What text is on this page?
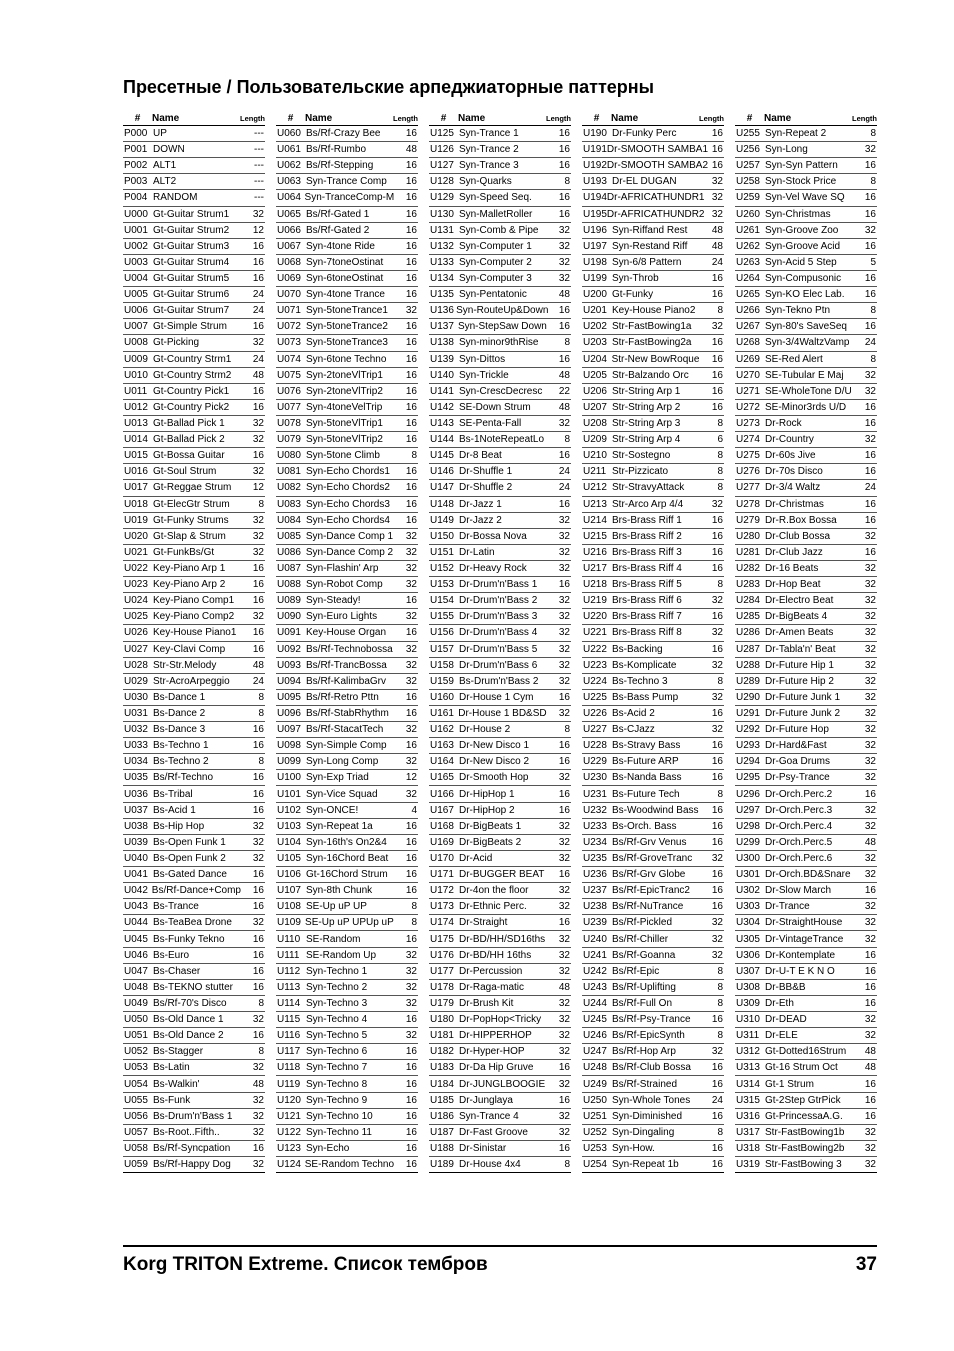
Пресетные / Пользовательские арпеджиаторные паттерны
#	Name	Length
P000 UP	---
P001 DOWN	---
P002 ALT1	---
P003 ALT2	---
P004 RANDOM	---
U000 Gt-Guitar Strum1	32
U001 Gt-Guitar Strum2	12
U002 Gt-Guitar Strum3	16
U003 Gt-Guitar Strum4	16
U004 Gt-Guitar Strum5	16
U005 Gt-Guitar Strum6	24
U006 Gt-Guitar Strum7	24
U007 Gt-Simple Strum	16
U008 Gt-Picking	32
U009 Gt-Country Strm1	24
U010 Gt-Country Strm2	48
U011 Gt-Country Pick1	16
U012 Gt-Country Pick2	16
U013 Gt-Ballad Pick 1	32
U014 Gt-Ballad Pick 2	32
U015 Gt-Bossa Guitar	16
U016 Gt-Soul Strum	32
U017 Gt-Reggae Strum	12
U018 Gt-ElecGtr Strum	8
U019 Gt-Funky Strums	32
U020 Gt-Slap & Strum	32
U021 Gt-FunkBs/Gt	32
U022 Key-Piano Arp 1	16
U023 Key-Piano Arp 2	16
U024 Key-Piano Comp1	16
U025 Key-Piano Comp2	32
U026 Key-House Piano1	16
U027 Key-Clavi Comp	16
U028 Str-Str.Melody	48
U029 Str-AcroArpeggio	24
U030 Bs-Dance 1	8
U031 Bs-Dance 2	8
U032 Bs-Dance 3	16
U033 Bs-Techno 1	16
U034 Bs-Techno 2	8
U035 Bs/Rf-Techno	16
U036 Bs-Tribal	16
U037 Bs-Acid 1	16
U038 Bs-Hip Hop	32
U039 Bs-Open Funk 1	32
U040 Bs-Open Funk 2	32
U041 Bs-Gated Dance	16
U042 Bs/Rf-Dance+Comp	16
U043 Bs-Trance	16
U044 Bs-TeaBea Drone	32
U045 Bs-Funky Tekno	16
U046 Bs-Euro	16
U047 Bs-Chaser	16
U048 Bs-TEKNO stutter	16
U049 Bs/Rf-70's Disco	8
U050 Bs-Old Dance 1	32
U051 Bs-Old Dance 2	16
U052 Bs-Stagger	8
U053 Bs-Latin	32
U054 Bs-Walkin'	48
U055 Bs-Funk	32
U056 Bs-Drum'n'Bass 1	32
U057 Bs-Root..Fifth..	32
U058 Bs/Rf-Syncpation	16
U059 Bs/Rf-Happy Dog	32
#	Name	Length
U060 Bs/Rf-Crazy Bee	16
U061 Bs/Rf-Rumbo	48
U062 Bs/Rf-Stepping	16
U063 Syn-Trance Comp	16
U064 Syn-TranceComp-M	16
U065 Bs/Rf-Gated 1	16
U066 Bs/Rf-Gated 2	16
U067 Syn-4tone Ride	16
U068 Syn-7toneOstinat	16
U069 Syn-6toneOstinat	16
U070 Syn-4tone Trance	16
U071 Syn-5toneTrance1	32
U072 Syn-5toneTrance2	16
U073 Syn-5toneTrance3	16
U074 Syn-6tone Techno	16
U075 Syn-2toneVlTrip1	16
U076 Syn-2toneVlTrip2	16
U077 Syn-4toneVelTrip	16
U078 Syn-5toneVlTrip1	16
U079 Syn-5toneVlTrip2	16
U080 Syn-5tone Climb	8
U081 Syn-Echo Chords1	16
U082 Syn-Echo Chords2	16
U083 Syn-Echo Chords3	16
U084 Syn-Echo Chords4	16
U085 Syn-Dance Comp 1	32
U086 Syn-Dance Comp 2	32
U087 Syn-Flashin' Arp	32
U088 Syn-Robot Comp	32
U089 Syn-Steady!	16
U090 Syn-Euro Lights	32
U091 Key-House Organ	16
U092 Bs/Rf-Technobossa	32
U093 Bs/Rf-TrancBossa	32
U094 Bs/Rf-KalimbaGrv	32
U095 Bs/Rf-Retro Pttn	16
U096 Bs/Rf-StabRhythm	16
U097 Bs/Rf-StacatTech	32
U098 Syn-Simple Comp	16
U099 Syn-Long Comp	32
U100 Syn-Exp Triad	12
U101 Syn-Vice Squad	32
U102 Syn-ONCE!	4
U103 Syn-Repeat 1a	16
U104 Syn-16th's On2&4	16
U105 Syn-16Chord Beat	16
U106 Gt-16Chord Strum	16
U107 Syn-8th Chunk	16
U108 SE-Up uP UP	8
U109 SE-Up uP UPUp uP	8
U110 SE-Random	16
U111 SE-Random Up	32
U112 Syn-Techno 1	32
U113 Syn-Techno 2	32
U114 Syn-Techno 3	32
U115 Syn-Techno 4	16
U116 Syn-Techno 5	32
U117 Syn-Techno 6	16
U118 Syn-Techno 7	16
U119 Syn-Techno 8	16
U120 Syn-Techno 9	16
U121 Syn-Techno 10	16
U122 Syn-Techno 11	16
U123 Syn-Echo	16
U124 SE-Random Techno	16
#	Name	Length
U125 Syn-Trance 1	16
U126 Syn-Trance 2	16
U127 Syn-Trance 3	16
U128 Syn-Quarks	8
U129 Syn-Speed Seq.	16
U130 Syn-MalletRoller	16
U131 Syn-Comb & Pipe	32
U132 Syn-Computer 1	32
U133 Syn-Computer 2	32
U134 Syn-Computer 3	32
U135 Syn-Pentatonic	48
U136 Syn-RouteUp&Down	16
U137 Syn-StepSaw Down	16
U138 Syn-minor9thRise	8
U139 Syn-Dittos	16
U140 Syn-Trickle	48
U141 Syn-CrescDecresc	22
U142 SE-Down Strum	48
U143 SE-Penta-Fall	32
U144 Bs-1NoteRepeatLo	8
U145 Dr-8 Beat	16
U146 Dr-Shuffle 1	24
U147 Dr-Shuffle 2	24
U148 Dr-Jazz 1	16
U149 Dr-Jazz 2	32
U150 Dr-Bossa Nova	32
U151 Dr-Latin	32
U152 Dr-Heavy Rock	32
U153 Dr-Drum'n'Bass 1	16
U154 Dr-Drum'n'Bass 2	32
U155 Dr-Drum'n'Bass 3	32
U156 Dr-Drum'n'Bass 4	32
U157 Dr-Drum'n'Bass 5	32
U158 Dr-Drum'n'Bass 6	32
U159 Bs-Drum'n'Bass 2	32
U160 Dr-House 1 Cym	16
U161 Dr-House 1 BD&SD	32
U162 Dr-House 2	8
U163 Dr-New Disco 1	16
U164 Dr-New Disco 2	16
U165 Dr-Smooth Hop	32
U166 Dr-HipHop 1	16
U167 Dr-HipHop 2	16
U168 Dr-BigBeats 1	32
U169 Dr-BigBeats 2	32
U170 Dr-Acid	32
U171 Dr-BUGGER BEAT	16
U172 Dr-4on the floor	32
U173 Dr-Ethnic Perc.	32
U174 Dr-Straight	16
U175 Dr-BD/HH/SD16ths	32
U176 Dr-BD/HH 16ths	32
U177 Dr-Percussion	32
U178 Dr-Raga-matic	48
U179 Dr-Brush Kit	32
U180 Dr-PopHop<Tricky	32
U181 Dr-HIPPERHOP	32
U182 Dr-Hyper-HOP	32
U183 Dr-Da Hip Gruve	16
U184 Dr-JUNGLBOOGIE	32
U185 Dr-Junglaya	16
U186 Syn-Trance 4	32
U187 Dr-Fast Groove	32
U188 Dr-Sinistar	16
U189 Dr-House 4x4	8
#	Name	Length
U190 Dr-Funky Perc	16
U191 Dr-SMOOTH SAMBA1 16
U192 Dr-SMOOTH SAMBA2 16
U193 Dr-EL DUGAN	32
U194 Dr-AFRICATHUNDR1 32
U195 Dr-AFRICATHUNDR2 32
U196 Syn-Riffand Rest	48
U197 Syn-Restand Riff	48
U198 Syn-6/8 Pattern	24
U199 Syn-Throb	16
U200 Gt-Funky	16
U201 Key-House Piano2	8
U202 Str-FastBowing1a	32
U203 Str-FastBowing2a	16
U204 Str-New BowRoque	16
U205 Str-Balzando Orc	16
U206 Str-String Arp 1	16
U207 Str-String Arp 2	16
U208 Str-String Arp 3	8
U209 Str-String Arp 4	6
U210 Str-Sostegno	8
U211 Str-Pizzicato	8
U212 Str-StravyAttack	8
U213 Str-Arco Arp 4/4	32
U214 Brs-Brass Riff 1	16
U215 Brs-Brass Riff 2	16
U216 Brs-Brass Riff 3	16
U217 Brs-Brass Riff 4	16
U218 Brs-Brass Riff 5	8
U219 Brs-Brass Riff 6	32
U220 Brs-Brass Riff 7	16
U221 Brs-Brass Riff 8	32
U222 Bs-Backing	16
U223 Bs-Komplicate	32
U224 Bs-Techno 3	8
U225 Bs-Bass Pump	32
U226 Bs-Acid 2	16
U227 Bs-CJazz	32
U228 Bs-Stravy Bass	16
U229 Bs-Future ARP	16
U230 Bs-Nanda Bass	16
U231 Bs-Future Tech	8
U232 Bs-Woodwind Bass	16
U233 Bs-Orch. Bass	16
U234 Bs/Rf-Grv Venus	16
U235 Bs/Rf-GroveTranc	32
U236 Bs/Rf-Grv Globe	16
U237 Bs/Rf-EpicTranc2	16
U238 Bs/Rf-NuTrance	16
U239 Bs/Rf-Pickled	32
U240 Bs/Rf-Chiller	32
U241 Bs/Rf-Goanna	32
U242 Bs/Rf-Epic	8
U243 Bs/Rf-Uplifting	8
U244 Bs/Rf-Full On	8
U245 Bs/Rf-Psy-Trance	16
U246 Bs/Rf-EpicSynth	8
U247 Bs/Rf-Hop Arp	32
U248 Bs/Rf-Club Bossa	16
U249 Bs/Rf-Strained	16
U250 Syn-Whole Tones	24
U251 Syn-Diminished	16
U252 Syn-Dingaling	8
U253 Syn-How.	16
U254 Syn-Repeat 1b	16
#	Name	Length
U255 Syn-Repeat 2	8
U256 Syn-Long	32
U257 Syn-Syn Pattern	16
U258 Syn-Stock Price	8
U259 Syn-Vel Wave SQ	16
U260 Syn-Christmas	16
U261 Syn-Groove Zoo	32
U262 Syn-Groove Acid	16
U263 Syn-Acid 5 Step	5
U264 Syn-Compusonic	16
U265 Syn-KO Elec Lab.	16
U266 Syn-Tekno Ptn	8
U267 Syn-80's SaveSeq	16
U268 Syn-3/4WaltzVamp	24
U269 SE-Red Alert	8
U270 SE-Tubular E Maj	32
U271 SE-WholeTone D/U	32
U272 SE-Minor3rds U/D	16
U273 Dr-Rock	16
U274 Dr-Country	32
U275 Dr-60s Jive	16
U276 Dr-70s Disco	16
U277 Dr-3/4 Waltz	24
U278 Dr-Christmas	16
U279 Dr-R.Box Bossa	16
U280 Dr-Club Bossa	32
U281 Dr-Club Jazz	16
U282 Dr-16 Beats	32
U283 Dr-Hop Beat	32
U284 Dr-Electro Beat	32
U285 Dr-BigBeats 4	32
U286 Dr-Amen Beats	32
U287 Dr-Tabla'n' Beat	32
U288 Dr-Future Hip 1	32
U289 Dr-Future Hip 2	32
U290 Dr-Future Junk 1	32
U291 Dr-Future Junk 2	32
U292 Dr-Future Hop	32
U293 Dr-Hard&Fast	32
U294 Dr-Goa Drums	32
U295 Dr-Psy-Trance	32
U296 Dr-Orch.Perc.2	16
U297 Dr-Orch.Perc.3	32
U298 Dr-Orch.Perc.4	32
U299 Dr-Orch.Perc.5	48
U300 Dr-Orch.Perc.6	32
U301 Dr-Orch.BD&Snare	32
U302 Dr-Slow March	16
U303 Dr-Trance	32
U304 Dr-StraightHouse	32
U305 Dr-VintageTrance	32
U306 Dr-Kontemplate	16
U307 Dr-U-T E K N O	16
U308 Dr-BB&B	16
U309 Dr-Eth	16
U310 Dr-DEAD	32
U311 Dr-ELE	32
U312 Gt-Dotted16Strum	48
U313 Gt-16 Strum Oct	48
U314 Gt-1 Strum	16
U315 Gt-2Step GtrPick	16
U316 Gt-PrincessaA.G.	16
U317 Str-FastBowing1b	32
U318 Str-FastBowing2b	32
U319 Str-FastBowing 3	32
Korg TRITON Extreme. Список тембров	37
